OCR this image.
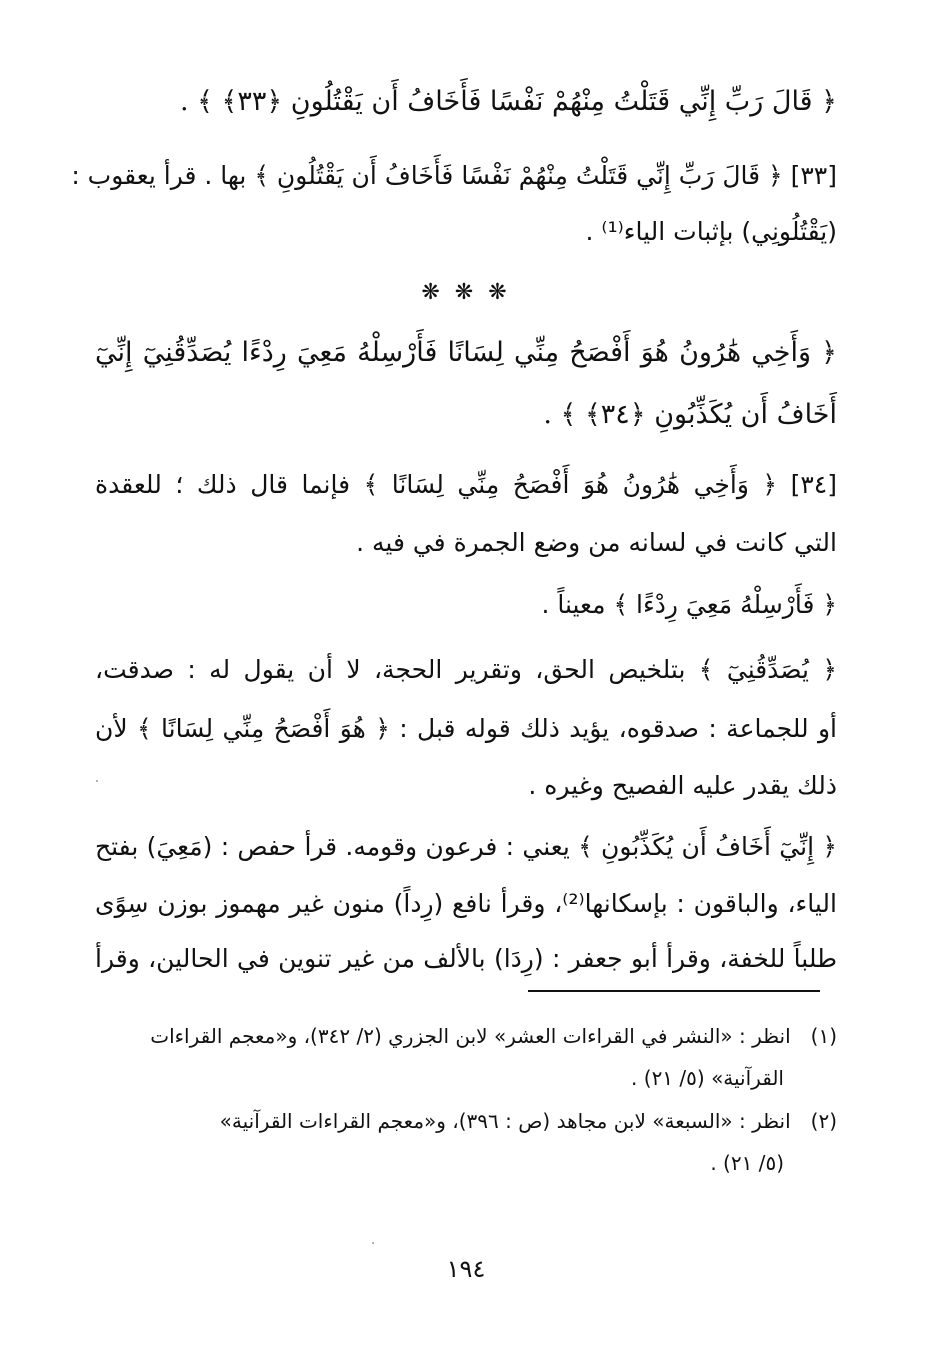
﴿ قَالَ رَبِّ إِنِّي قَتَلْتُ مِنْهُمْ نَفْسًا فَأَخَافُ أَن يَقْتُلُونِ ﴿٣٣﴾ ﴾ .
[٣٣] ﴿ قَالَ رَبِّ إِنِّي قَتَلْتُ مِنْهُمْ نَفْسًا فَأَخَافُ أَن يَقْتُلُونِ ﴾ بها . قرأ يعقوب :
(يَقْتُلُونِي) بإثبات الياء⁽¹⁾ .
❋ ❋ ❋
﴿ وَأَخِي هَٰرُونُ هُوَ أَفْصَحُ مِنِّي لِسَانًا فَأَرْسِلْهُ مَعِيَ رِدْءًا يُصَدِّقُنِيٓ إِنِّيٓ
أَخَافُ أَن يُكَذِّبُونِ ﴿٣٤﴾ ﴾ .
[٣٤] ﴿ وَأَخِي هَٰرُونُ هُوَ أَفْصَحُ مِنِّي لِسَانًا ﴾ فإنما قال ذلك ؛ للعقدة
التي كانت في لسانه من وضع الجمرة في فيه .
﴿ فَأَرْسِلْهُ مَعِيَ رِدْءًا ﴾ معيناً .
﴿ يُصَدِّقُنِيٓ ﴾ بتلخيص الحق، وتقرير الحجة، لا أن يقول له : صدقت،
أو للجماعة : صدقوه، يؤيد ذلك قوله قبل : ﴿ هُوَ أَفْصَحُ مِنِّي لِسَانًا ﴾ لأن
ذلك يقدر عليه الفصيح وغيره .
﴿ إِنِّيٓ أَخَافُ أَن يُكَذِّبُونِ ﴾ يعني : فرعون وقومه. قرأ حفص : (مَعِيَ) بفتح
الياء، والباقون : بإسكانها⁽²⁾، وقرأ نافع (رِداً) منون غير مهموز بوزن سِوًى
طلباً للخفة، وقرأ أبو جعفر : (رِدَا) بالألف من غير تنوين في الحالين، وقرأ
(١) انظر : «النشر في القراءات العشر» لابن الجزري (٢/ ٣٤٢)، و«معجم القراءات
القرآنية» (٥/ ٢١) .
(٢) انظر : «السبعة» لابن مجاهد (ص : ٣٩٦)، و«معجم القراءات القرآنية»
(٥/ ٢١) .
١٩٤
